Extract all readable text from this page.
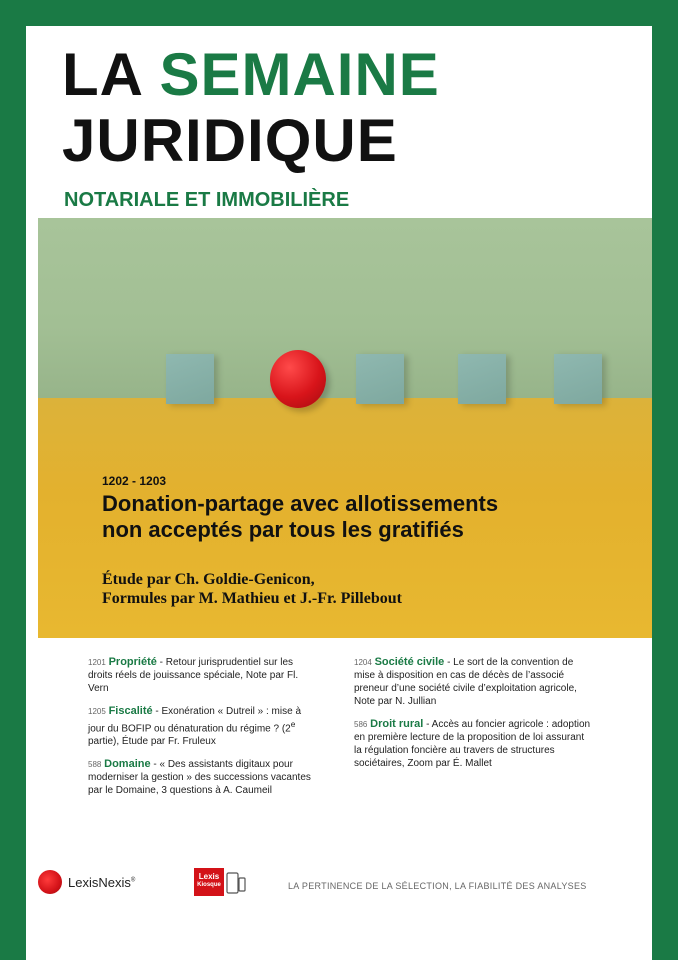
LA SEMAINE
JURIDIQUE
NOTARIALE ET IMMOBILIÈRE
1202 - 1203
Donation-partage avec allotissements non acceptés par tous les gratifiés
Étude par Ch. Goldie-Genicon,
Formules par M. Mathieu et J.-Fr. Pillebout
1201 Propriété - Retour jurisprudentiel sur les droits réels de jouissance spéciale, Note par Fl. Vern
1205 Fiscalité - Exonération « Dutreil » : mise à jour du BOFIP ou dénaturation du régime ? (2e partie), Étude par Fr. Fruleux
588 Domaine - « Des assistants digitaux pour moderniser la gestion » des successions vacantes par le Domaine, 3 questions à A. Caumeil
1204 Société civile - Le sort de la convention de mise à disposition en cas de décès de l’associé preneur d’une société civile d’exploitation agricole, Note par N. Jullian
586 Droit rural - Accès au foncier agricole : adoption en première lecture de la proposition de loi assurant la régulation foncière au travers de structures sociétaires, Zoom par É. Mallet
LexisNexis®	Lexis
Kiosque	LA PERTINENCE DE LA SÉLECTION, LA FIABILITÉ DES ANALYSES
